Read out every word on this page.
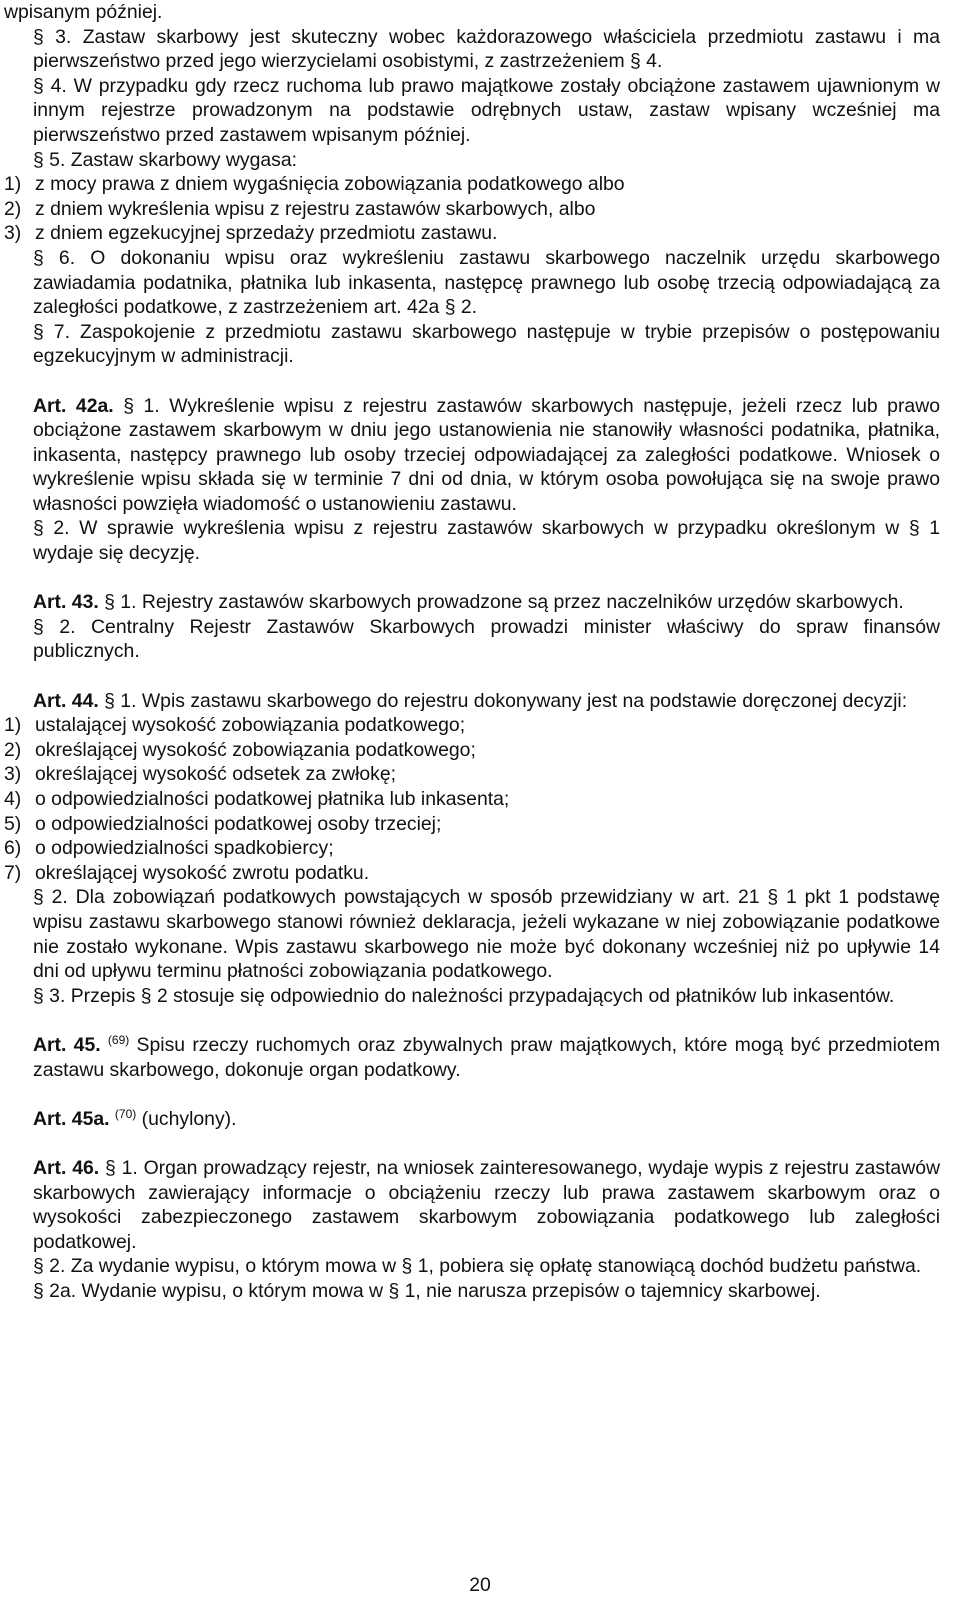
wpisanym później.

§ 3. Zastaw skarbowy jest skuteczny wobec każdorazowego właściciela przedmiotu zastawu i ma pierwszeństwo przed jego wierzycielami osobistymi, z zastrzeżeniem § 4.

§ 4. W przypadku gdy rzecz ruchoma lub prawo majątkowe zostały obciążone zastawem ujawnionym w innym rejestrze prowadzonym na podstawie odrębnych ustaw, zastaw wpisany wcześniej ma pierwszeństwo przed zastawem wpisanym później.

§ 5. Zastaw skarbowy wygasa:

1) z mocy prawa z dniem wygaśnięcia zobowiązania podatkowego albo
2) z dniem wykreślenia wpisu z rejestru zastawów skarbowych, albo
3) z dniem egzekucyjnej sprzedaży przedmiotu zastawu.

§ 6. O dokonaniu wpisu oraz wykreśleniu zastawu skarbowego naczelnik urzędu skarbowego zawiadamia podatnika, płatnika lub inkasenta, następcę prawnego lub osobę trzecią odpowiadającą za zaległości podatkowe, z zastrzeżeniem art. 42a § 2.

§ 7. Zaspokojenie z przedmiotu zastawu skarbowego następuje w trybie przepisów o postępowaniu egzekucyjnym w administracji.

Art. 42a. § 1. Wykreślenie wpisu z rejestru zastawów skarbowych następuje, jeżeli rzecz lub prawo obciążone zastawem skarbowym w dniu jego ustanowienia nie stanowiły własności podatnika, płatnika, inkasenta, następcy prawnego lub osoby trzeciej odpowiadającej za zaległości podatkowe. Wniosek o wykreślenie wpisu składa się w terminie 7 dni od dnia, w którym osoba powołująca się na swoje prawo własności powzięła wiadomość o ustanowieniu zastawu.

§ 2. W sprawie wykreślenia wpisu z rejestru zastawów skarbowych w przypadku określonym w § 1 wydaje się decyzję.

Art. 43. § 1. Rejestry zastawów skarbowych prowadzone są przez naczelników urzędów skarbowych.

§ 2. Centralny Rejestr Zastawów Skarbowych prowadzi minister właściwy do spraw finansów publicznych.

Art. 44. § 1. Wpis zastawu skarbowego do rejestru dokonywany jest na podstawie doręczonej decyzji:

1) ustalającej wysokość zobowiązania podatkowego;
2) określającej wysokość zobowiązania podatkowego;
3) określającej wysokość odsetek za zwłokę;
4) o odpowiedzialności podatkowej płatnika lub inkasenta;
5) o odpowiedzialności podatkowej osoby trzeciej;
6) o odpowiedzialności spadkobiercy;
7) określającej wysokość zwrotu podatku.

§ 2. Dla zobowiązań podatkowych powstających w sposób przewidziany w art. 21 § 1 pkt 1 podstawę wpisu zastawu skarbowego stanowi również deklaracja, jeżeli wykazane w niej zobowiązanie podatkowe nie zostało wykonane. Wpis zastawu skarbowego nie może być dokonany wcześniej niż po upływie 14 dni od upływu terminu płatności zobowiązania podatkowego.

§ 3. Przepis § 2 stosuje się odpowiednio do należności przypadających od płatników lub inkasentów.

Art. 45. $^{(69)}$ Spisu rzeczy ruchomych oraz zbywalnych praw majątkowych, które mogą być przedmiotem zastawu skarbowego, dokonuje organ podatkowy.

Art. 45a. $^{(70)}$ (uchylony).

Art. 46. § 1. Organ prowadzący rejestr, na wniosek zainteresowanego, wydaje wypis z rejestru zastawów skarbowych zawierający informacje o obciążeniu rzeczy lub prawa zastawem skarbowym oraz o wysokości zabezpieczonego zastawem skarbowym zobowiązania podatkowego lub zaległości podatkowej.

§ 2. Za wydanie wypisu, o którym mowa w § 1, pobiera się opłatę stanowiącą dochód budżetu państwa.

§ 2a. Wydanie wypisu, o którym mowa w § 1, nie narusza przepisów o tajemnicy skarbowej.

20
